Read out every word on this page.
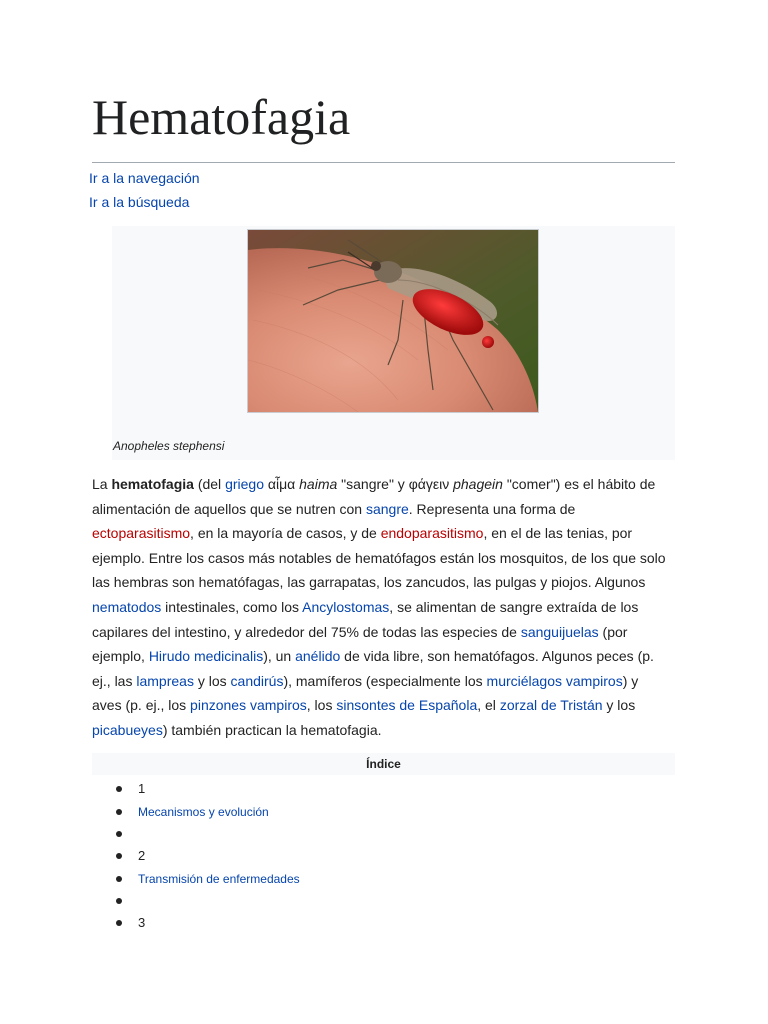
Hematofagia
Ir a la navegación
Ir a la búsqueda
Anopheles stephensi
La hematofagia (del griego αἷμα haima "sangre" y φάγειν phagein "comer") es el hábito de
alimentación de aquellos que se nutren con sangre. Representa una forma de
ectoparasitismo, en la mayoría de casos, y de endoparasitismo, en el de las tenias, por
ejemplo. Entre los casos más notables de hematófagos están los mosquitos, de los que solo
las hembras son hematófagas, las garrapatas, los zancudos, las pulgas y piojos. Algunos
nematodos intestinales, como los Ancylostomas, se alimentan de sangre extraída de los
capilares del intestino, y alrededor del 75% de todas las especies de sanguijuelas (por
ejemplo, Hirudo medicinalis), un anélido de vida libre, son hematófagos. Algunos peces (p.
ej., las lampreas y los candirús), mamíferos (especialmente los murciélagos vampiros) y
aves (p. ej., los pinzones vampiros, los sinsontes de Española, el zorzal de Tristán y los
picabueyes) también practican la hematofagia.
Índice
1
Mecanismos y evolución
2
Transmisión de enfermedades
3
